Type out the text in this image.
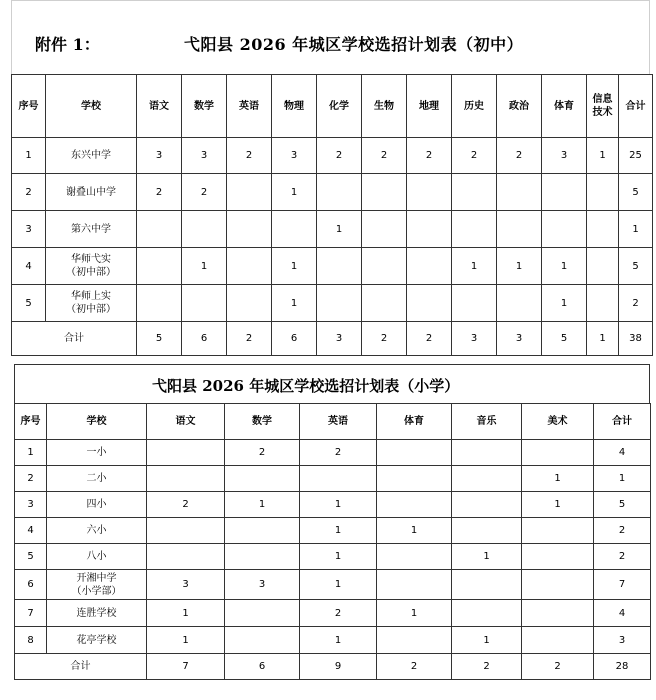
附件 1：	弋阳县 2026 年城区学校选招计划表（初中）
序号	学校	语文	数学	英语	物理	化学	生物	地理	历史	政治	体育	信息
技术	合计
1	东兴中学	3	3	2	3	2	2	2	2	2	3	1	25
2	谢叠山中学	2	2		1								5
3	第六中学					1							1
4	华师弋实
（初中部）		1		1				1	1	1		5
5	华师上实
（初中部）				1						1		2
合计		5	6	2	6	3	2	2	3	3	5	1	38
弋阳县 2026 年城区学校选招计划表（小学）
序号	学校	语文	数学	英语	体育	音乐	美术	合计
1	一小		2	2				4
2	二小						1	1
3	四小	2	1	1			1	5
4	六小			1	1			2
5	八小			1		1		2
6	开湘中学
（小学部）	3	3	1				7
7	连胜学校	1		2	1			4
8	花亭学校	1		1		1		3
合计		7	6	9	2	2	2	28
